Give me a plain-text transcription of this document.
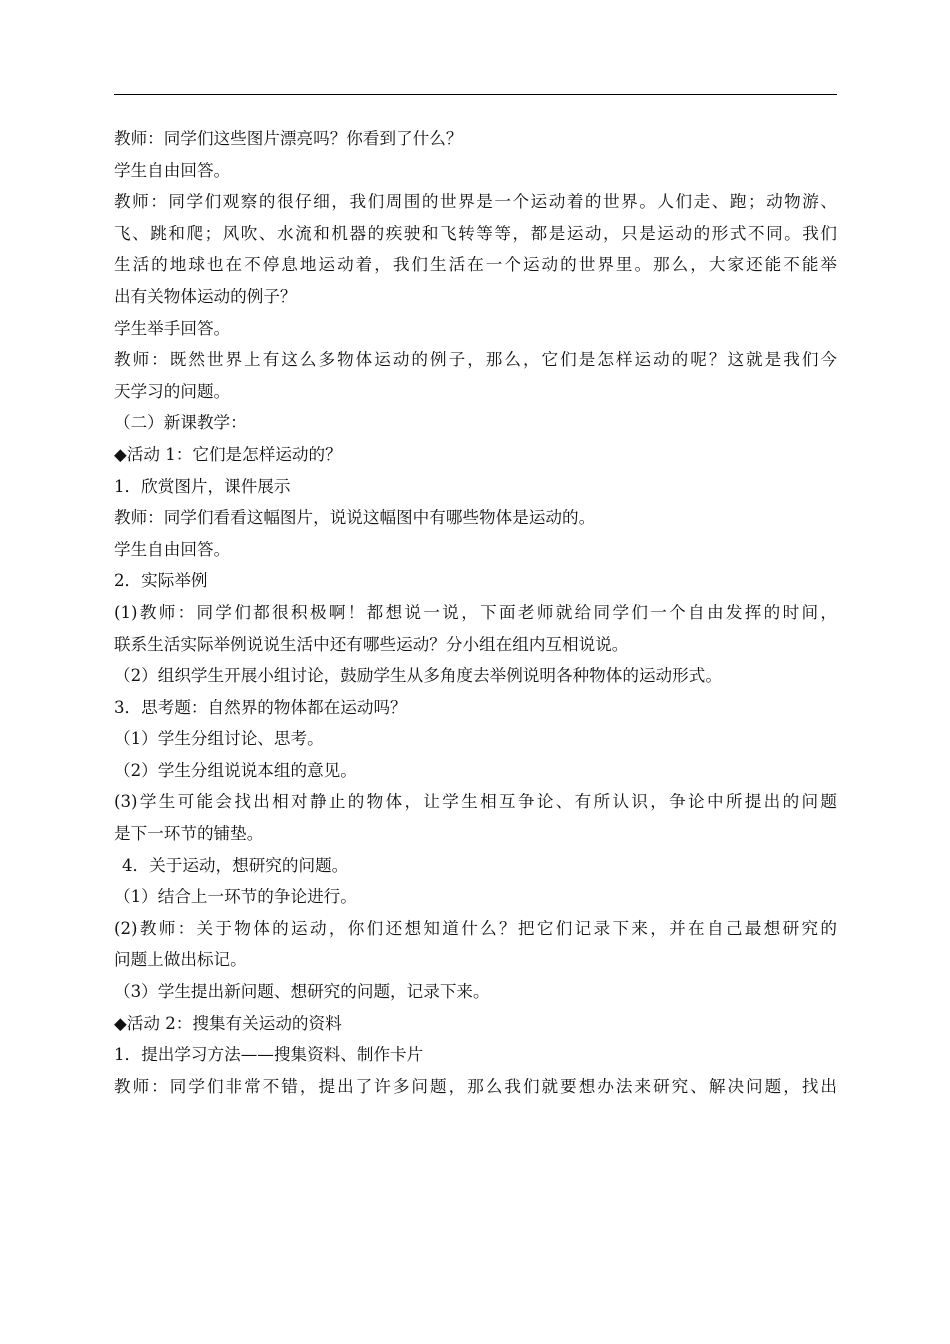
教师：同学们这些图片漂亮吗？你看到了什么？
学生自由回答。
教师：同学们观察的很仔细，我们周围的世界是一个运动着的世界。人们走、跑；动物游、
飞、跳和爬；风吹、水流和机器的疾驶和飞转等等，都是运动，只是运动的形式不同。我们
生活的地球也在不停息地运动着，我们生活在一个运动的世界里。那么，大家还能不能举
出有关物体运动的例子？
学生举手回答。
教师：既然世界上有这么多物体运动的例子，那么，它们是怎样运动的呢？这就是我们今
天学习的问题。
（二）新课教学：
◆活动 1：它们是怎样运动的？
1．欣赏图片，课件展示
教师：同学们看看这幅图片，说说这幅图中有哪些物体是运动的。
学生自由回答。
2．实际举例
(1)教师：同学们都很积极啊！都想说一说，下面老师就给同学们一个自由发挥的时间，
联系生活实际举例说说生活中还有哪些运动？分小组在组内互相说说。
（2）组织学生开展小组讨论，鼓励学生从多角度去举例说明各种物体的运动形式。
3．思考题：自然界的物体都在运动吗？
（1）学生分组讨论、思考。
（2）学生分组说说本组的意见。
(3)学生可能会找出相对静止的物体，让学生相互争论、有所认识，争论中所提出的问题
是下一环节的铺垫。
4．关于运动，想研究的问题。
（1）结合上一环节的争论进行。
(2)教师：关于物体的运动，你们还想知道什么？把它们记录下来，并在自己最想研究的
问题上做出标记。
（3）学生提出新问题、想研究的问题，记录下来。
◆活动 2：搜集有关运动的资料
1．提出学习方法——搜集资料、制作卡片
教师：同学们非常不错，提出了许多问题，那么我们就要想办法来研究、解决问题，找出
